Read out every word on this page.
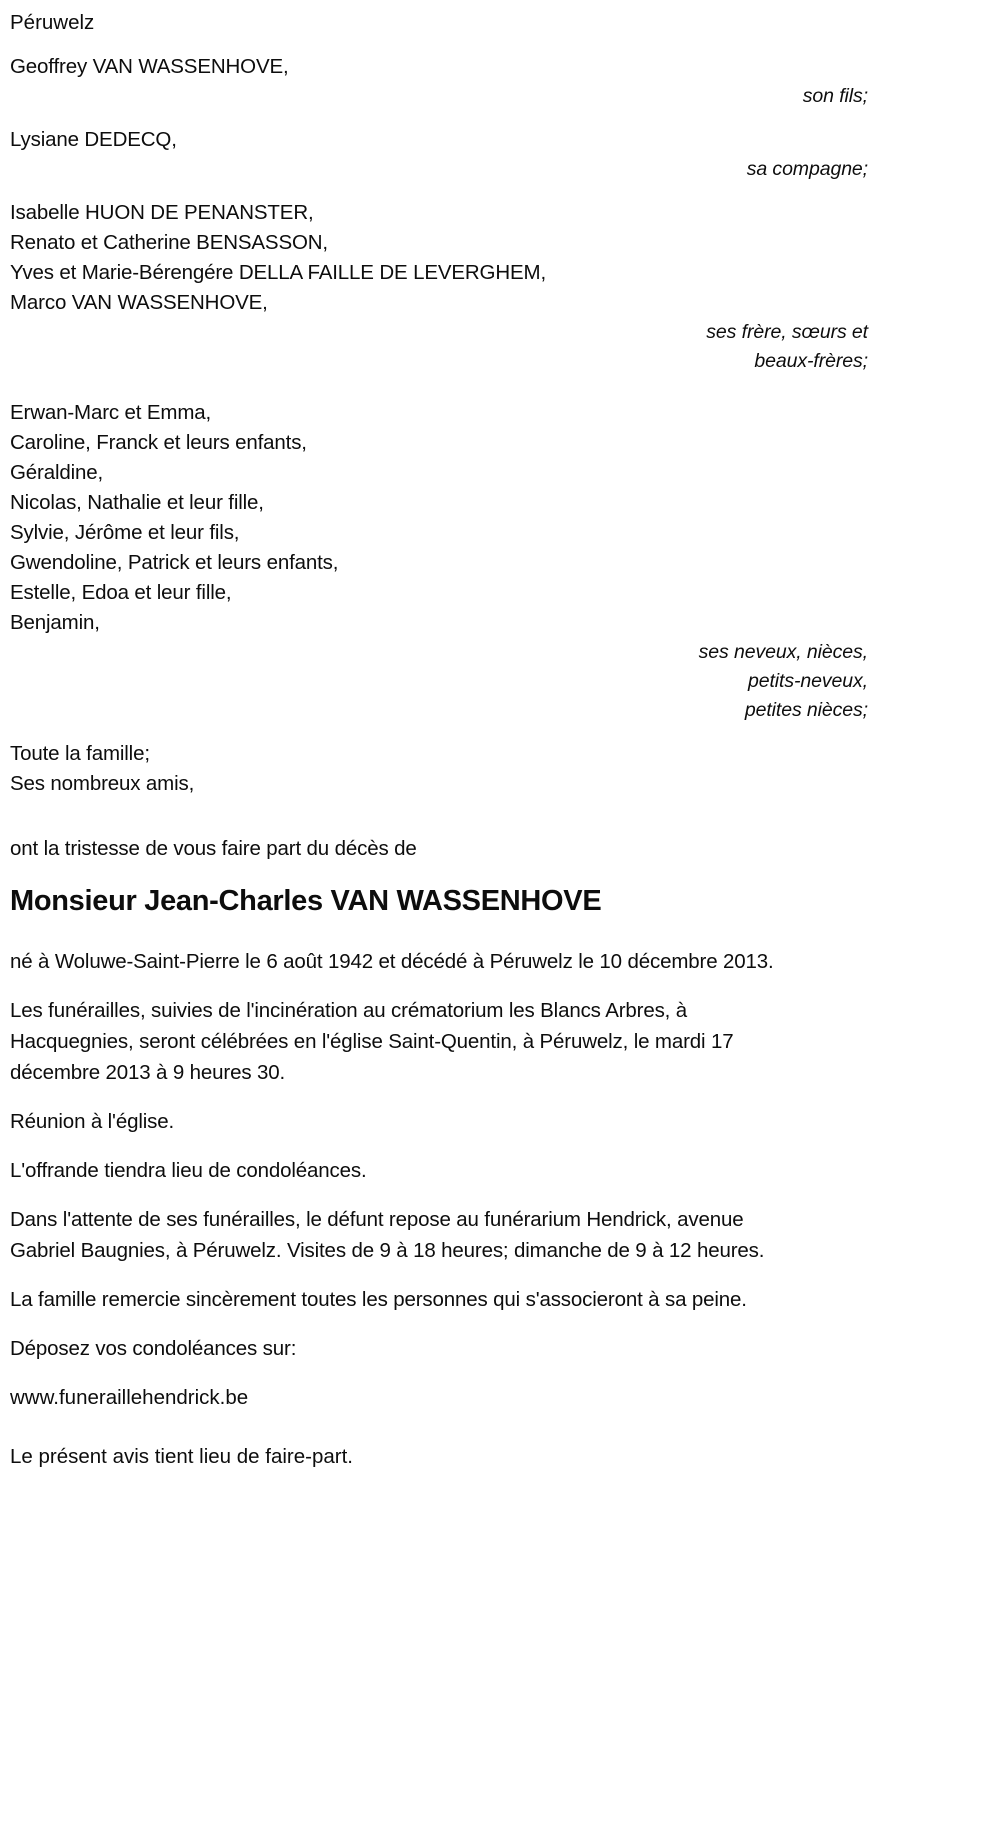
Péruwelz
Geoffrey VAN WASSENHOVE,
son fils;
Lysiane DEDECQ,
sa compagne;
Isabelle HUON DE PENANSTER,
Renato et Catherine BENSASSON,
Yves et Marie-Bérengére DELLA FAILLE DE LEVERGHEM,
Marco VAN WASSENHOVE,
ses frère, sœurs et
beaux-frères;
Erwan-Marc et Emma,
Caroline, Franck et leurs enfants,
Géraldine,
Nicolas, Nathalie et leur fille,
Sylvie, Jérôme et leur fils,
Gwendoline, Patrick et leurs enfants,
Estelle, Edoa et leur fille,
Benjamin,
ses neveux, nièces,
petits-neveux,
petites nièces;
Toute la famille;
Ses nombreux amis,
ont la tristesse de vous faire part du décès de
Monsieur Jean-Charles VAN WASSENHOVE

né à Woluwe-Saint-Pierre le 6 août 1942 et décédé à Péruwelz le 10 décembre 2013.

Les funérailles, suivies de l'incinération au crématorium les Blancs Arbres, à Hacquegnies, seront célébrées en l'église Saint-Quentin, à Péruwelz, le mardi 17 décembre 2013 à 9 heures 30.

Réunion à l'église.

L'offrande tiendra lieu de condoléances.

Dans l'attente de ses funérailles, le défunt repose au funérarium Hendrick, avenue Gabriel Baugnies, à Péruwelz. Visites de 9 à 18 heures; dimanche de 9 à 12 heures.

La famille remercie sincèrement toutes les personnes qui s'associeront à sa peine.

Déposez vos condoléances sur:

www.funeraillehendrick.be
Le présent avis tient lieu de faire-part.
